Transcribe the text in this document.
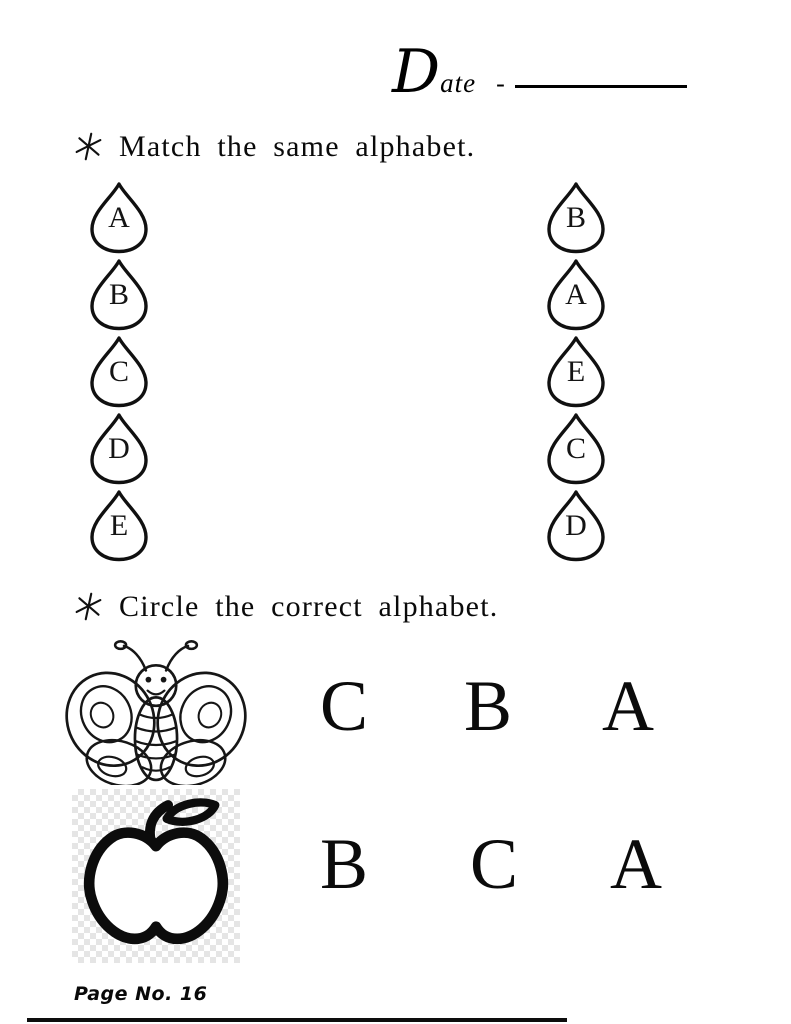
Date -
Match the same alphabet.
A
B
C
D
E
B
A
E
C
D
Circle the correct alphabet.
C B A
B C A
Page No. 16
